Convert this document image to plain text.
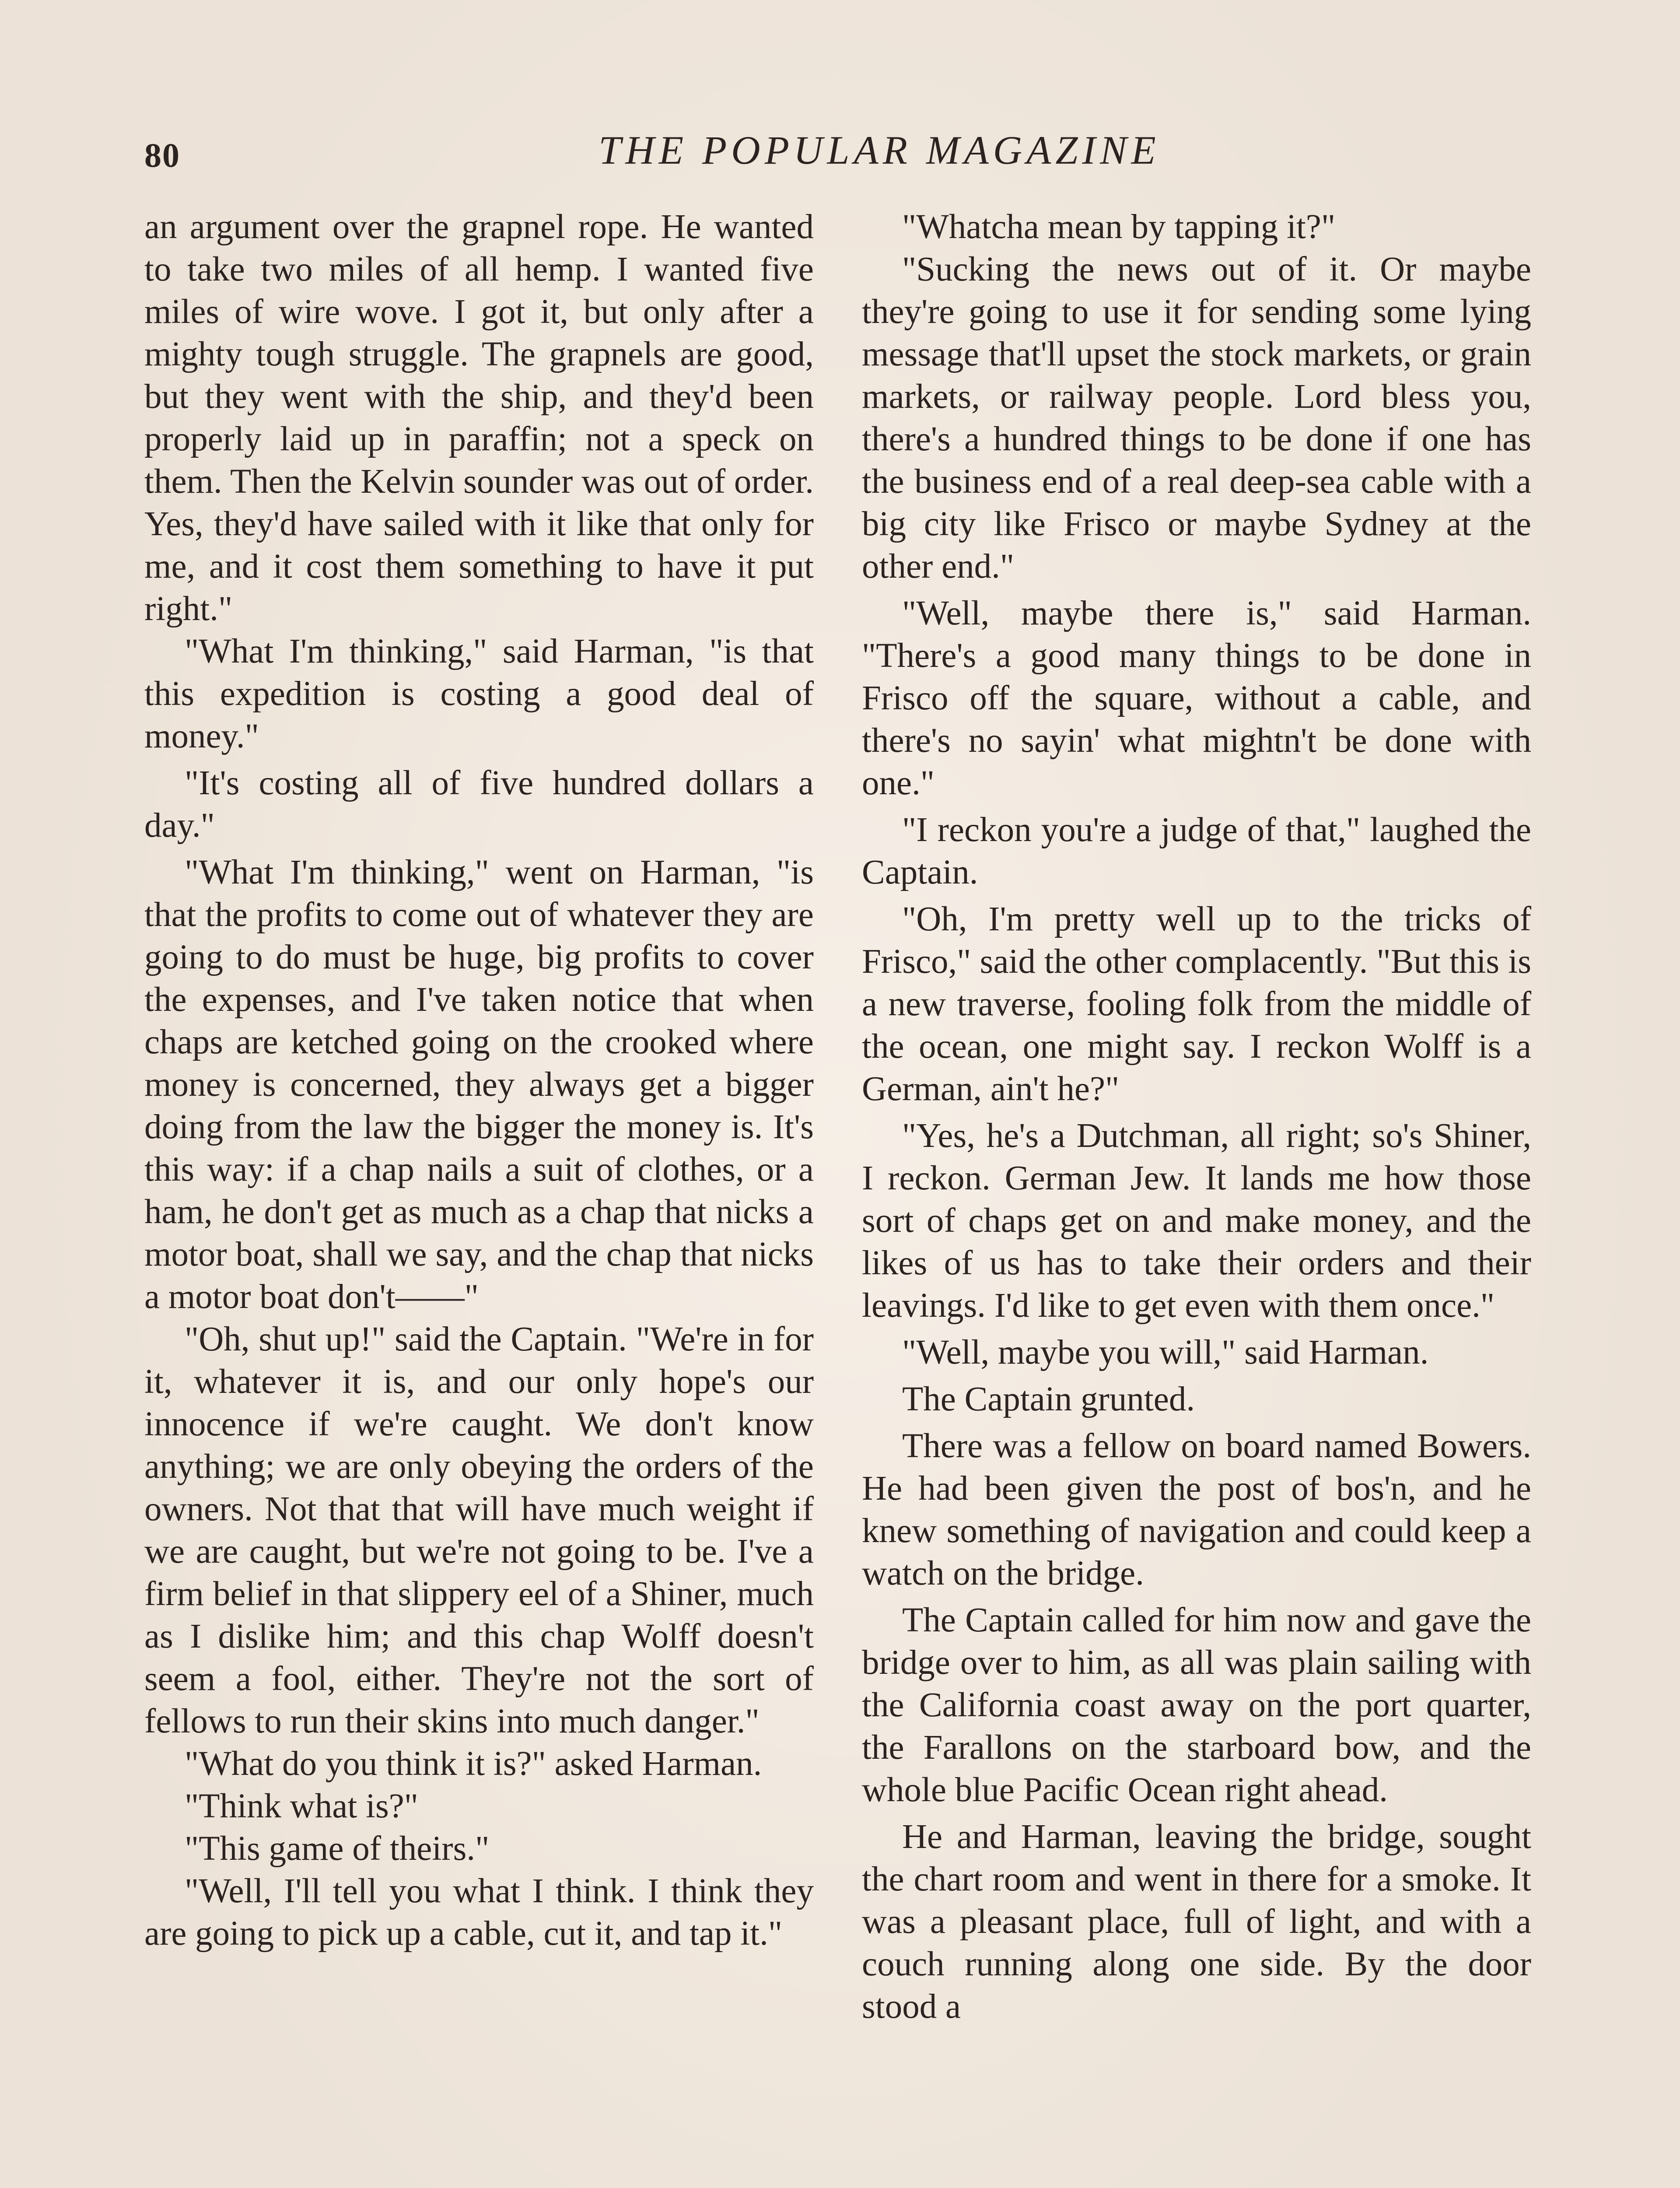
80	THE POPULAR MAGAZINE

an argument over the grapnel rope. He wanted to take two miles of all hemp. I wanted five miles of wire wove. I got it, but only after a mighty tough struggle. The grapnels are good, but they went with the ship, and they'd been properly laid up in paraffin; not a speck on them. Then the Kelvin sounder was out of order. Yes, they'd have sailed with it like that only for me, and it cost them something to have it put right."

"What I'm thinking," said Harman, "is that this expedition is costing a good deal of money."

"It's costing all of five hundred dollars a day."

"What I'm thinking," went on Harman, "is that the profits to come out of whatever they are going to do must be huge, big profits to cover the expenses, and I've taken notice that when chaps are ketched going on the crooked where money is concerned, they always get a bigger doing from the law the bigger the money is. It's this way: if a chap nails a suit of clothes, or a ham, he don't get as much as a chap that nicks a motor boat, shall we say, and the chap that nicks a motor boat don't——"

"Oh, shut up!" said the Captain. "We're in for it, whatever it is, and our only hope's our innocence if we're caught. We don't know anything; we are only obeying the orders of the owners. Not that that will have much weight if we are caught, but we're not going to be. I've a firm belief in that slippery eel of a Shiner, much as I dislike him; and this chap Wolff doesn't seem a fool, either. They're not the sort of fellows to run their skins into much danger."

"What do you think it is?" asked Harman.

"Think what is?"

"This game of theirs."

"Well, I'll tell you what I think. I think they are going to pick up a cable, cut it, and tap it."

"Whatcha mean by tapping it?"

"Sucking the news out of it. Or maybe they're going to use it for sending some lying message that'll upset the stock markets, or grain markets, or railway people. Lord bless you, there's a hundred things to be done if one has the business end of a real deep-sea cable with a big city like Frisco or maybe Sydney at the other end."

"Well, maybe there is," said Harman. "There's a good many things to be done in Frisco off the square, without a cable, and there's no sayin' what mightn't be done with one."

"I reckon you're a judge of that," laughed the Captain.

"Oh, I'm pretty well up to the tricks of Frisco," said the other complacently. "But this is a new traverse, fooling folk from the middle of the ocean, one might say. I reckon Wolff is a German, ain't he?"

"Yes, he's a Dutchman, all right; so's Shiner, I reckon. German Jew. It lands me how those sort of chaps get on and make money, and the likes of us has to take their orders and their leavings. I'd like to get even with them once."

"Well, maybe you will," said Harman.

The Captain grunted.

There was a fellow on board named Bowers. He had been given the post of bos'n, and he knew something of navigation and could keep a watch on the bridge.

The Captain called for him now and gave the bridge over to him, as all was plain sailing with the California coast away on the port quarter, the Farallons on the starboard bow, and the whole blue Pacific Ocean right ahead.

He and Harman, leaving the bridge, sought the chart room and went in there for a smoke. It was a pleasant place, full of light, and with a couch running along one side. By the door stood a
